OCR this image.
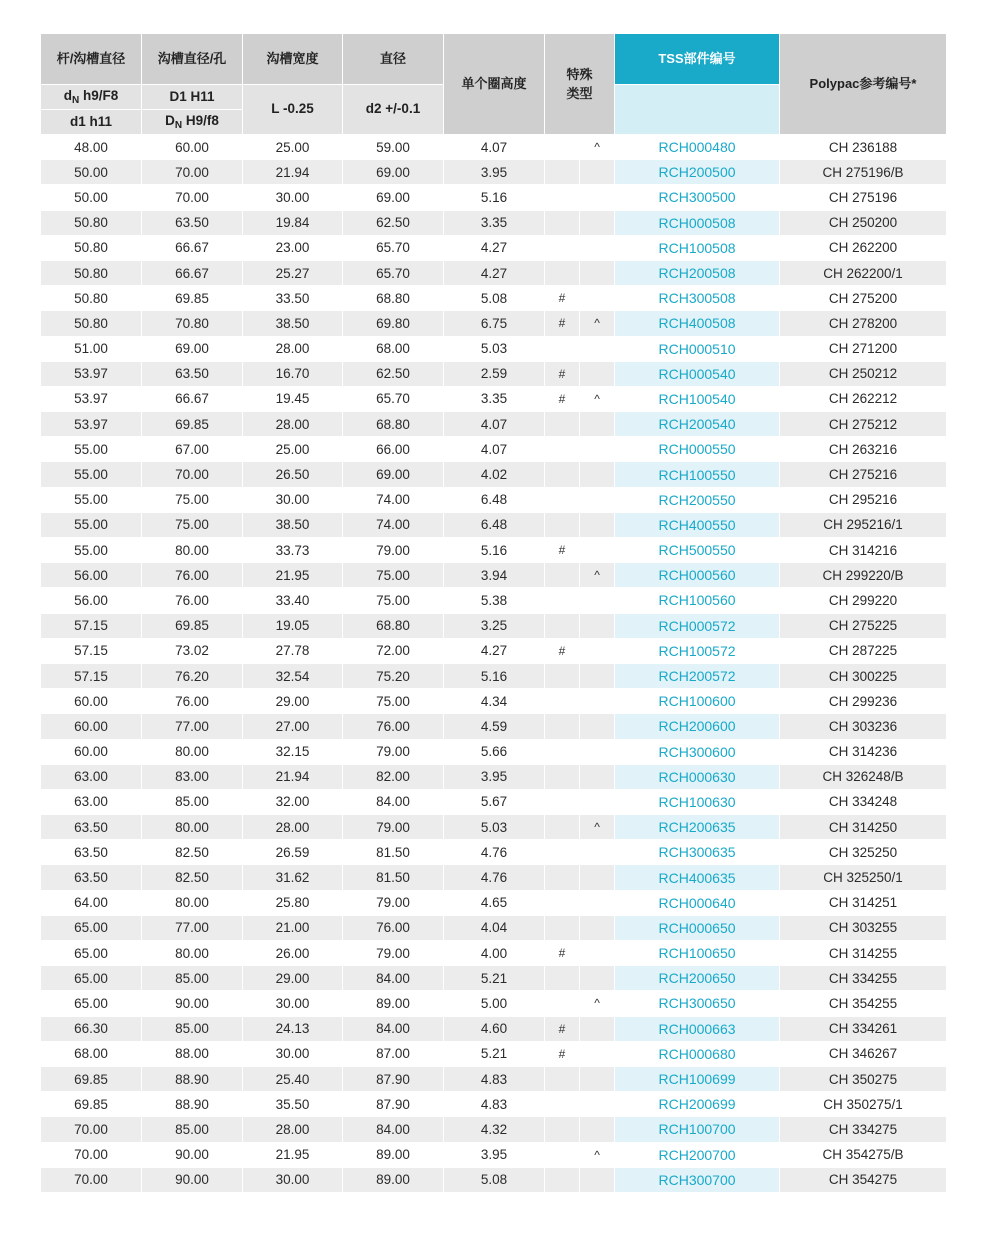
杆/沟槽直径	沟槽直径/孔	沟槽宽度	直径	单个圈高度	特殊
类型		TSS部件编号	Polypac参考编号*
$d_N$ h9/F8	D1 H11	L -0.25	d2 +/-0.1					
d1 h11	$D_N$ H9/f8							
48.00	60.00	25.00	59.00	4.07		^	RCH000480	CH 236188
50.00	70.00	21.94	69.00	3.95			RCH200500	CH 275196/B
50.00	70.00	30.00	69.00	5.16			RCH300500	CH 275196
50.80	63.50	19.84	62.50	3.35			RCH000508	CH 250200
50.80	66.67	23.00	65.70	4.27			RCH100508	CH 262200
50.80	66.67	25.27	65.70	4.27			RCH200508	CH 262200/1
50.80	69.85	33.50	68.80	5.08	#		RCH300508	CH 275200
50.80	70.80	38.50	69.80	6.75	#	^	RCH400508	CH 278200
51.00	69.00	28.00	68.00	5.03			RCH000510	CH 271200
53.97	63.50	16.70	62.50	2.59	#		RCH000540	CH 250212
53.97	66.67	19.45	65.70	3.35	#	^	RCH100540	CH 262212
53.97	69.85	28.00	68.80	4.07			RCH200540	CH 275212
55.00	67.00	25.00	66.00	4.07			RCH000550	CH 263216
55.00	70.00	26.50	69.00	4.02			RCH100550	CH 275216
55.00	75.00	30.00	74.00	6.48			RCH200550	CH 295216
55.00	75.00	38.50	74.00	6.48			RCH400550	CH 295216/1
55.00	80.00	33.73	79.00	5.16	#		RCH500550	CH 314216
56.00	76.00	21.95	75.00	3.94		^	RCH000560	CH 299220/B
56.00	76.00	33.40	75.00	5.38			RCH100560	CH 299220
57.15	69.85	19.05	68.80	3.25			RCH000572	CH 275225
57.15	73.02	27.78	72.00	4.27	#		RCH100572	CH 287225
57.15	76.20	32.54	75.20	5.16			RCH200572	CH 300225
60.00	76.00	29.00	75.00	4.34			RCH100600	CH 299236
60.00	77.00	27.00	76.00	4.59			RCH200600	CH 303236
60.00	80.00	32.15	79.00	5.66			RCH300600	CH 314236
63.00	83.00	21.94	82.00	3.95			RCH000630	CH 326248/B
63.00	85.00	32.00	84.00	5.67			RCH100630	CH 334248
63.50	80.00	28.00	79.00	5.03		^	RCH200635	CH 314250
63.50	82.50	26.59	81.50	4.76			RCH300635	CH 325250
63.50	82.50	31.62	81.50	4.76			RCH400635	CH 325250/1
64.00	80.00	25.80	79.00	4.65			RCH000640	CH 314251
65.00	77.00	21.00	76.00	4.04			RCH000650	CH 303255
65.00	80.00	26.00	79.00	4.00	#		RCH100650	CH 314255
65.00	85.00	29.00	84.00	5.21			RCH200650	CH 334255
65.00	90.00	30.00	89.00	5.00		^	RCH300650	CH 354255
66.30	85.00	24.13	84.00	4.60	#		RCH000663	CH 334261
68.00	88.00	30.00	87.00	5.21	#		RCH000680	CH 346267
69.85	88.90	25.40	87.90	4.83			RCH100699	CH 350275
69.85	88.90	35.50	87.90	4.83			RCH200699	CH 350275/1
70.00	85.00	28.00	84.00	4.32			RCH100700	CH 334275
70.00	90.00	21.95	89.00	3.95		^	RCH200700	CH 354275/B
70.00	90.00	30.00	89.00	5.08			RCH300700	CH 354275
